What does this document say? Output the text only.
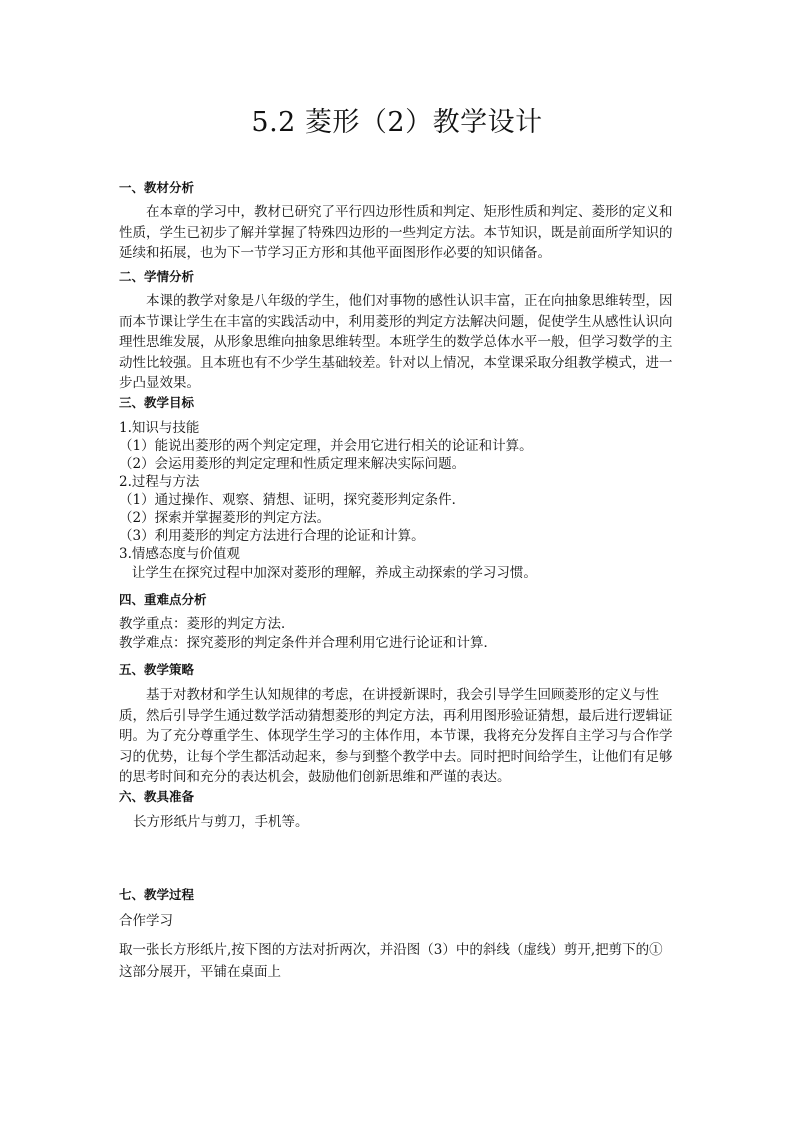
5.2 菱形（2）教学设计
一、教材分析
在本章的学习中，教材已研究了平行四边形性质和判定、矩形性质和判定、菱形的定义和性质，学生已初步了解并掌握了特殊四边形的一些判定方法。本节知识，既是前面所学知识的延续和拓展，也为下一节学习正方形和其他平面图形作必要的知识储备。
二、学情分析
本课的教学对象是八年级的学生，他们对事物的感性认识丰富，正在向抽象思维转型，因而本节课让学生在丰富的实践活动中，利用菱形的判定方法解决问题，促使学生从感性认识向理性思维发展，从形象思维向抽象思维转型。本班学生的数学总体水平一般，但学习数学的主动性比较强。且本班也有不少学生基础较差。针对以上情况，本堂课采取分组教学模式，进一步凸显效果。
三、教学目标
1.知识与技能
（1）能说出菱形的两个判定定理，并会用它进行相关的论证和计算。
（2）会运用菱形的判定定理和性质定理来解决实际问题。
2.过程与方法
（1）通过操作、观察、猜想、证明，探究菱形判定条件．
（2）探索并掌握菱形的判定方法。
（3）利用菱形的判定方法进行合理的论证和计算。
3.情感态度与价值观
让学生在探究过程中加深对菱形的理解，养成主动探索的学习习惯。
四、重难点分析
教学重点：菱形的判定方法．
教学难点：探究菱形的判定条件并合理利用它进行论证和计算．
五、教学策略
基于对教材和学生认知规律的考虑，在讲授新课时，我会引导学生回顾菱形的定义与性质，然后引导学生通过数学活动猜想菱形的判定方法，再利用图形验证猜想，最后进行逻辑证明。为了充分尊重学生、体现学生学习的主体作用，本节课，我将充分发挥自主学习与合作学习的优势，让每个学生都活动起来，参与到整个教学中去。同时把时间给学生，让他们有足够的思考时间和充分的表达机会，鼓励他们创新思维和严谨的表达。
六、教具准备
长方形纸片与剪刀，手机等。
七、教学过程
合作学习
取一张长方形纸片,按下图的方法对折两次，并沿图（3）中的斜线（虚线）剪开,把剪下的①
这部分展开，平铺在桌面上
